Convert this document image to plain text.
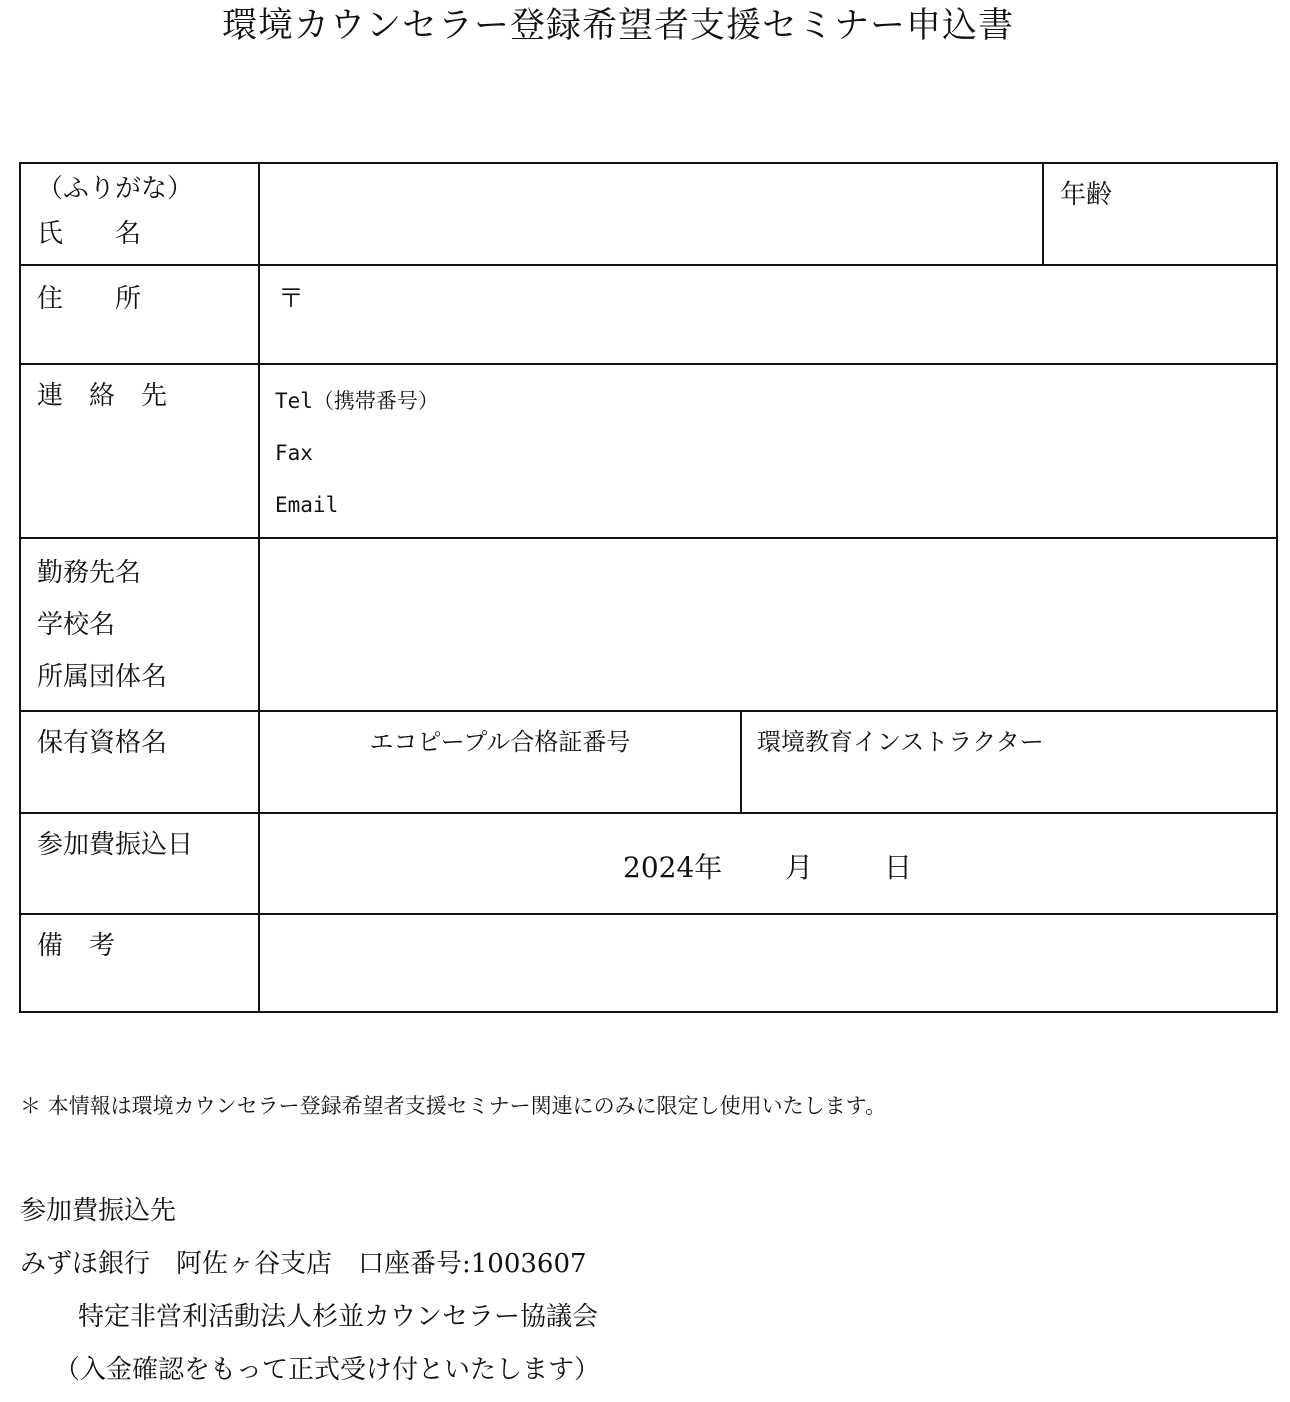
環境カウンセラー登録希望者支援セミナー申込書
（ふりがな）
氏　　名			年齢

住　　所	〒		

連　絡　先	Tel（携帯番号）
Fax
Email		

勤務先名
学校名
所属団体名			

保有資格名	エコピープル合格証番号	環境教育インストラクター	

参加費振込日	2024年 月 日		

備　考			

＊ 本情報は環境カウンセラー登録希望者支援セミナー関連にのみに限定し使用いたします。
参加費振込先
みずほ銀行　阿佐ヶ谷支店　口座番号:1003607
特定非営利活動法人杉並カウンセラー協議会
（入金確認をもって正式受け付といたします）
